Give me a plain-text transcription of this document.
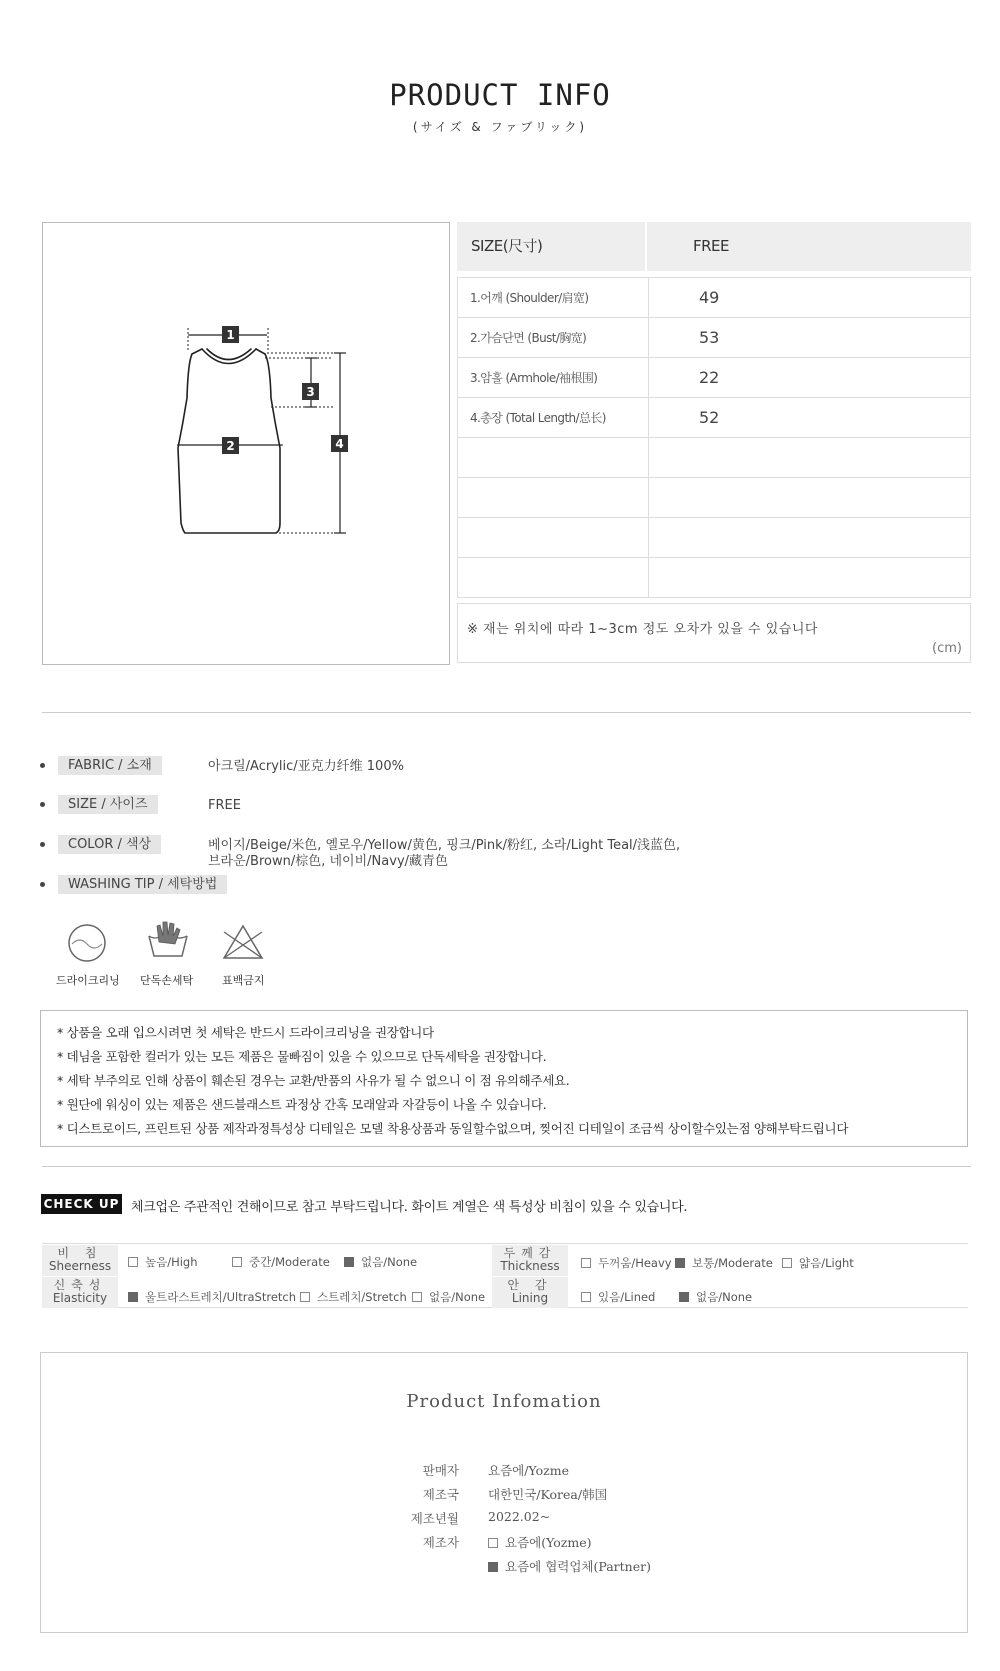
PRODUCT INFO
(サイズ & ファブリック)
1
2
3
4
SIZE(尺寸)	FREE
1.어깨 (Shoulder/肩宽)	49
2.가슴단면 (Bust/胸宽)	53
3.암홀 (Armhole/袖根围)	22
4.총장 (Total Length/总长)	52
※ 재는 위치에 따라 1~3cm 정도 오차가 있을 수 있습니다
(cm)
FABRIC / 소재	아크릴/Acrylic/亚克力纤维 100%
SIZE / 사이즈	FREE
COLOR / 색상	베이지/Beige/米色, 옐로우/Yellow/黄色, 핑크/Pink/粉红, 소라/Light Teal/浅蓝色,
브라운/Brown/棕色, 네이비/Navy/藏青色
WASHING TIP / 세탁방법
드라이크리닝 단독손세탁	표백금지
* 상품을 오래 입으시려면 첫 세탁은 반드시 드라이크리닝을 권장합니다
* 데님을 포함한 컬러가 있는 모든 제품은 물빠짐이 있을 수 있으므로 단독세탁을 권장합니다.
* 세탁 부주의로 인해 상품이 훼손된 경우는 교환/반품의 사유가 될 수 없으니 이 점 유의해주세요.
* 원단에 워싱이 있는 제품은 샌드블래스트 과정상 간혹 모래알과 자갈등이 나올 수 있습니다.
* 디스트로이드, 프린트된 상품 제작과정특성상 디테일은 모델 착용상품과 동일할수없으며, 찢어진 디테일이 조금씩 상이할수있는점 양해부탁드립니다
CHECK UP 체크업은 주관적인 견해이므로 참고 부탁드립니다. 화이트 계열은 색 특성상 비침이 있을 수 있습니다.
비 침
Sheerness	높음/High	중간/Moderate	없음/None
두께감
Thickness	두꺼움/Heavy	보통/Moderate	얇음/Light
신축성
Elasticity	울트라스트레치/UltraStretch	스트레치/Stretch	없음/None
안 감
Lining	있음/Lined	없음/None
Product Infomation
판매자 요즘에/Yozme
제조국 대한민국/Korea/韩国
제조년월 2022.02~
제조자	요즘에(Yozme)
요즘에 협력업체(Partner)
